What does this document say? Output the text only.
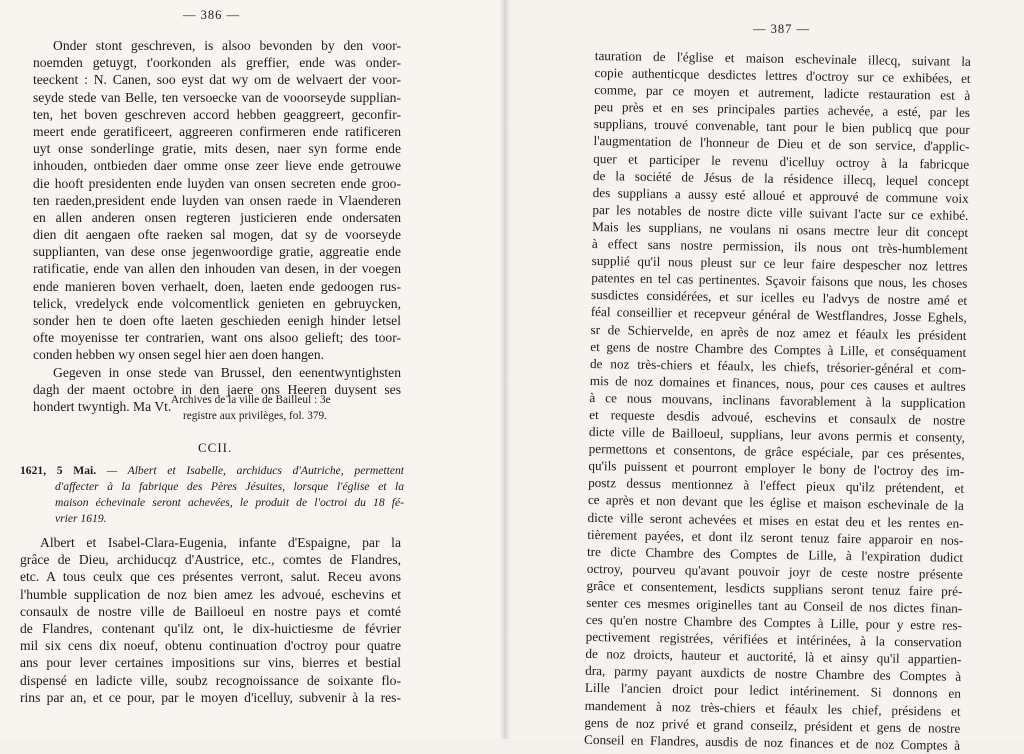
— 386 —
Onder stont geschreven, is alsoo bevonden by den voor-
noemden getuygt, t'oorkonden als greffier, ende was onder-
teeckent : N. Canen, soo eyst dat wy om de welvaert der voor-
seyde stede van Belle, ten versoecke van de vooorseyde supplian-
ten, het boven geschreven accord hebben geaggreert, geconfir-
meert ende geratificeert, aggreeren confirmeren ende ratificeren
uyt onse sonderlinge gratie, mits desen, naer syn forme ende
inhouden, ontbieden daer omme onse zeer lieve ende getrouwe
die hooft presidenten ende luyden van onsen secreten ende groo-
ten raeden,president ende luyden van onsen raede in Vlaenderen
en allen anderen onsen regteren justicieren ende ondersaten
dien dit aengaen ofte raeken sal mogen, dat sy de voorseyde
supplianten, van dese onse jegenwoordige gratie, aggreatie ende
ratificatie, ende van allen den inhouden van desen, in der voegen
ende manieren boven verhaelt, doen, laeten ende gedoogen rus-
telick, vredelyck ende volcomentlick genieten en gebruycken,
sonder hen te doen ofte laeten geschieden eenigh hinder letsel
ofte moyenisse ter contrarien, want ons alsoo gelieft; des toor-
conden hebben wy onsen segel hier aen doen hangen.
Gegeven in onse stede van Brussel, den eenentwyntighsten
dagh der maent octobre in den jaere ons Heeren duysent ses
hondert twyntigh. Ma Vt. Archives de la ville de Bailleul : 3e
registre aux privilèges, fol. 379.
CCII.
1621, 5 Mai. — Albert et Isabelle, archiducs d'Autriche, permettent
d'affecter à la fabrique des Pères Jésuites, lorsque l'église et la
maison échevinale seront achevées, le produit de l'octroi du 18 fé-
vrier 1619.
Albert et Isabel-Clara-Eugenia, infante d'Espaigne, par la
grâce de Dieu, archiducqz d'Austrice, etc., comtes de Flandres,
etc. A tous ceulx que ces présentes verront, salut. Receu avons
l'humble supplication de noz bien amez les advoué, eschevins et
consaulx de nostre ville de Bailloeul en nostre pays et comté
de Flandres, contenant qu'ilz ont, le dix-huictiesme de février
mil six cens dix noeuf, obtenu continuation d'octroy pour quatre
ans pour lever certaines impositions sur vins, bierres et bestial
dispensé en ladicte ville, soubz recognoissance de soixante flo-
rins par an, et ce pour, par le moyen d'icelluy, subvenir à la res-
— 387 —
tauration de l'église et maison eschevinale illecq, suivant la
copie authenticque desdictes lettres d'octroy sur ce exhibées, et
comme, par ce moyen et autrement, ladicte restauration est à
peu près et en ses principales parties achevée, a esté, par les
supplians, trouvé convenable, tant pour le bien publicq que pour
l'augmentation de l'honneur de Dieu et de son service, d'applic-
quer et participer le revenu d'icelluy octroy à la fabricque
de la société de Jésus de la résidence illecq, lequel concept
des supplians a aussy esté alloué et approuvé de commune voix
par les notables de nostre dicte ville suivant l'acte sur ce exhibé.
Mais les supplians, ne voulans ni osans mectre leur dit concept
à effect sans nostre permission, ils nous ont très-humblement
supplié qu'il nous pleust sur ce leur faire despescher noz lettres
patentes en tel cas pertinentes. Sçavoir faisons que nous, les choses
susdictes considérées, et sur icelles eu l'advys de nostre amé et
féal conseillier et recepveur général de Westflandres, Josse Eghels,
sr de Schiervelde, en après de noz amez et féaulx les président
et gens de nostre Chambre des Comptes à Lille, et conséquament
de noz très-chiers et féaulx, les chiefs, trésorier-général et com-
mis de noz domaines et finances, nous, pour ces causes et aultres
à ce nous mouvans, inclinans favorablement à la supplication
et requeste desdis advoué, eschevins et consaulx de nostre
dicte ville de Bailloeul, supplians, leur avons permis et consenty,
permettons et consentons, de grâce espéciale, par ces présentes,
qu'ils puissent et pourront employer le bony de l'octroy des im-
postz dessus mentionnez à l'effect pieux qu'ilz prétendent, et
ce après et non devant que les église et maison eschevinale de la
dicte ville seront achevées et mises en estat deu et les rentes en-
tièrement payées, et dont ilz seront tenuz faire apparoir en nos-
tre dicte Chambre des Comptes de Lille, à l'expiration dudict
octroy, pourveu qu'avant pouvoir joyr de ceste nostre présente
grâce et consentement, lesdicts supplians seront tenuz faire pré-
senter ces mesmes originelles tant au Conseil de nos dictes finan-
ces qu'en nostre Chambre des Comptes à Lille, pour y estre res-
pectivement registrées, vérifiées et intérinées, à la conservation
de noz droicts, hauteur et auctorité, là et ainsy qu'il appartien-
dra, parmy payant auxdicts de nostre Chambre des Comptes à
Lille l'ancien droict pour ledict intérinement. Si donnons en
mandement à noz très-chiers et féaulx les chief, présidens et
gens de noz privé et grand conseilz, président et gens de nostre
Conseil en Flandres, ausdis de noz finances et de noz Comptes à
